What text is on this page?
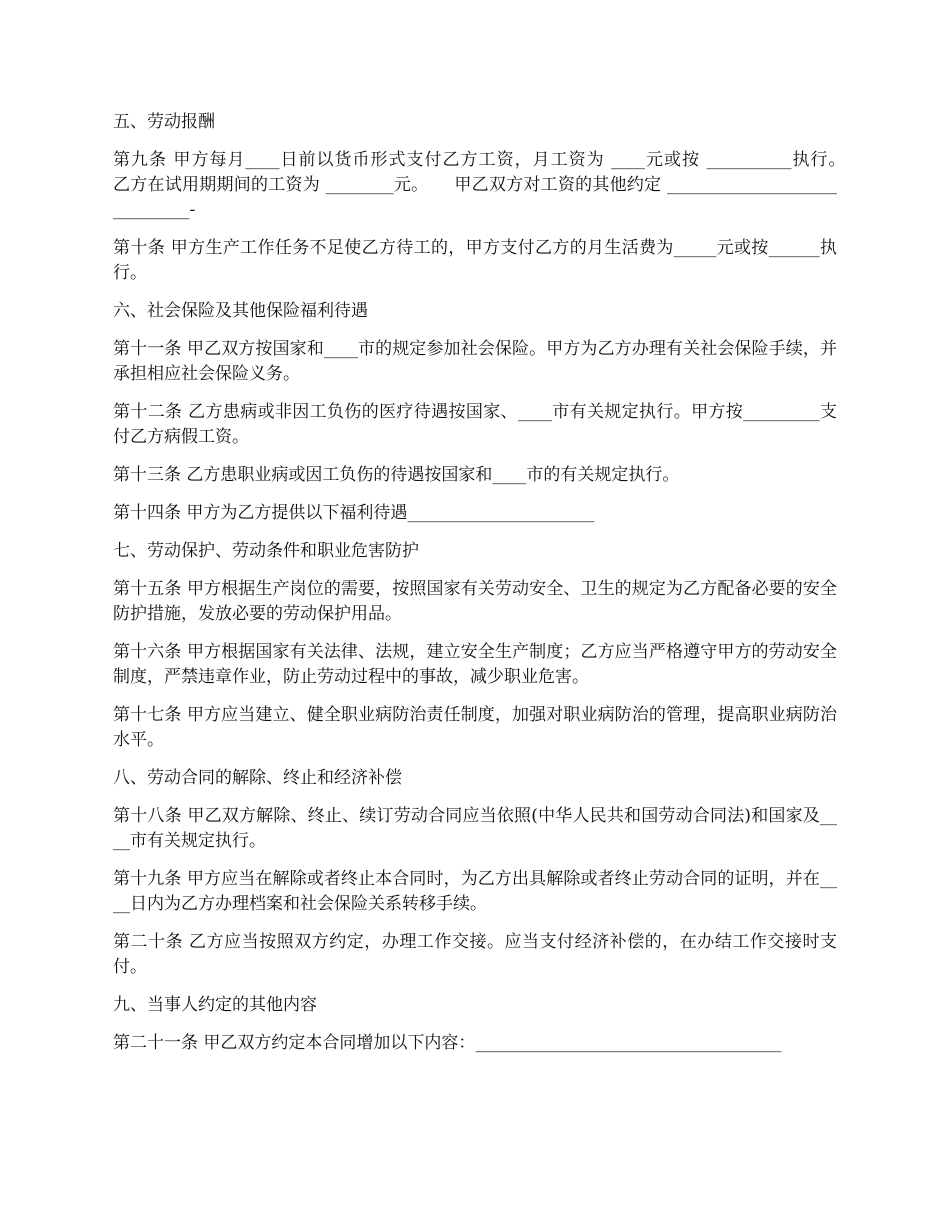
五、劳动报酬

第九条 甲方每月____日前以货币形式支付乙方工资，月工资为 ____元或按 __________执行。　　乙方在试用期期间的工资为 ________元。　　甲乙双方对工资的其他约定 _____________________________-

第十条 甲方生产工作任务不足使乙方待工的，甲方支付乙方的月生活费为_____元或按______执行。

六、社会保险及其他保险福利待遇

第十一条 甲乙双方按国家和____市的规定参加社会保险。甲方为乙方办理有关社会保险手续，并承担相应社会保险义务。

第十二条 乙方患病或非因工负伤的医疗待遇按国家、____市有关规定执行。甲方按_________支付乙方病假工资。

第十三条 乙方患职业病或因工负伤的待遇按国家和____市的有关规定执行。

第十四条 甲方为乙方提供以下福利待遇______________________

七、劳动保护、劳动条件和职业危害防护

第十五条 甲方根据生产岗位的需要，按照国家有关劳动安全、卫生的规定为乙方配备必要的安全防护措施，发放必要的劳动保护用品。

第十六条 甲方根据国家有关法律、法规，建立安全生产制度；乙方应当严格遵守甲方的劳动安全制度，严禁违章作业，防止劳动过程中的事故，减少职业危害。

第十七条 甲方应当建立、健全职业病防治责任制度，加强对职业病防治的管理，提高职业病防治水平。

八、劳动合同的解除、终止和经济补偿

第十八条 甲乙双方解除、终止、续订劳动合同应当依照(中华人民共和国劳动合同法)和国家及____市有关规定执行。

第十九条 甲方应当在解除或者终止本合同时，为乙方出具解除或者终止劳动合同的证明，并在____日内为乙方办理档案和社会保险关系转移手续。

第二十条 乙方应当按照双方约定，办理工作交接。应当支付经济补偿的，在办结工作交接时支付。

九、当事人约定的其他内容

第二十一条 甲乙双方约定本合同增加以下内容：____________________________________
